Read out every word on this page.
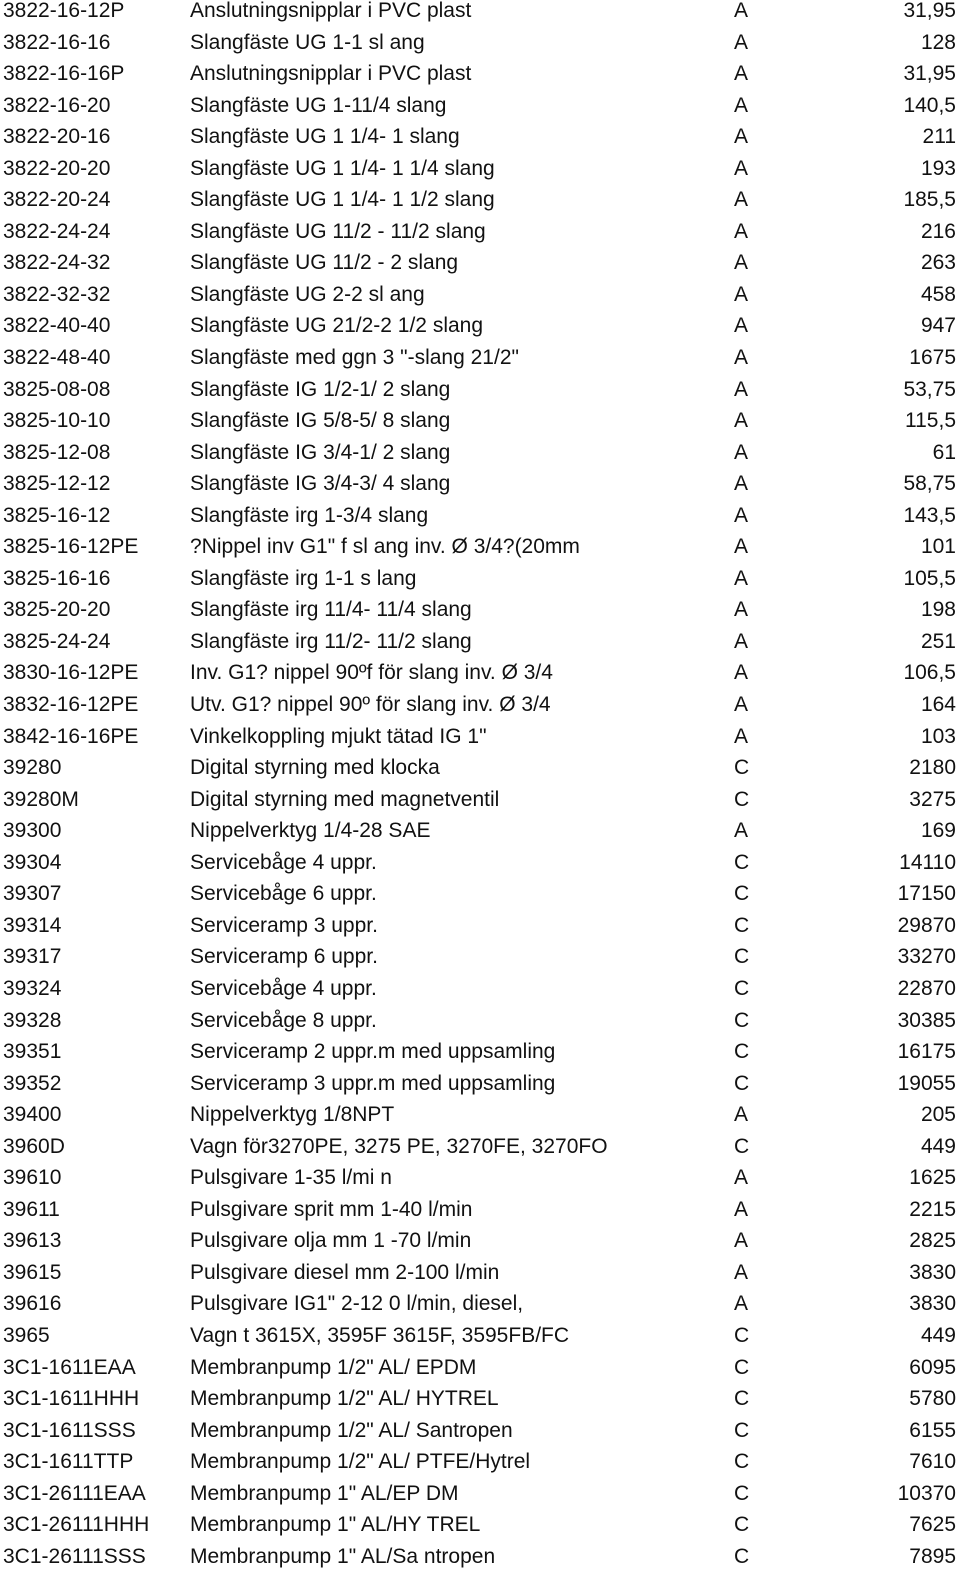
3822-16-12P	Anslutningsnipplar i PVC plast	A	31,95
3822-16-16	Slangfäste UG 1-1 sl ang	A	128
3822-16-16P	Anslutningsnipplar i PVC plast	A	31,95
3822-16-20	Slangfäste UG 1-11/4 slang	A	140,5
3822-20-16	Slangfäste UG 1 1/4- 1 slang	A	211
3822-20-20	Slangfäste UG 1 1/4- 1 1/4 slang	A	193
3822-20-24	Slangfäste UG 1 1/4- 1 1/2 slang	A	185,5
3822-24-24	Slangfäste UG 11/2 - 11/2 slang	A	216
3822-24-32	Slangfäste UG 11/2 - 2 slang	A	263
3822-32-32	Slangfäste UG 2-2 sl ang	A	458
3822-40-40	Slangfäste UG 21/2-2 1/2 slang	A	947
3822-48-40	Slangfäste med ggn 3 "-slang 21/2"	A	1675
3825-08-08	Slangfäste IG 1/2-1/ 2 slang	A	53,75
3825-10-10	Slangfäste IG 5/8-5/ 8 slang	A	115,5
3825-12-08	Slangfäste IG 3/4-1/ 2 slang	A	61
3825-12-12	Slangfäste IG 3/4-3/ 4 slang	A	58,75
3825-16-12	Slangfäste irg 1-3/4 slang	A	143,5
3825-16-12PE ?Nippel inv G1" f sl ang inv. Ø 3/4?(20mm	A	101
3825-16-16	Slangfäste irg 1-1 s lang	A	105,5
3825-20-20	Slangfäste irg 11/4- 11/4 slang	A	198
3825-24-24	Slangfäste irg 11/2- 11/2 slang	A	251
3830-16-12PE Inv. G1? nippel 90ºf för slang inv. Ø 3/4	A	106,5
3832-16-12PE Utv. G1? nippel 90º för slang inv. Ø 3/4	A	164
3842-16-16PE Vinkelkoppling mjukt tätad IG 1"	A	103
39280	Digital styrning med klocka	C	2180
39280M	Digital styrning med magnetventil	C	3275
39300	Nippelverktyg 1/4-28 SAE	A	169
39304	Servicebåge 4 uppr.	C	14110
39307	Servicebåge 6 uppr.	C	17150
39314	Serviceramp 3 uppr.	C	29870
39317	Serviceramp 6 uppr.	C	33270
39324	Servicebåge 4 uppr.	C	22870
39328	Servicebåge 8 uppr.	C	30385
39351	Serviceramp 2 uppr.m med uppsamling	C	16175
39352	Serviceramp 3 uppr.m med uppsamling	C	19055
39400	Nippelverktyg 1/8NPT	A	205
3960D	Vagn för3270PE, 3275 PE, 3270FE, 3270FO	C	449
39610	Pulsgivare 1-35 l/mi n	A	1625
39611	Pulsgivare sprit mm 1-40 l/min	A	2215
39613	Pulsgivare olja mm 1 -70 l/min	A	2825
39615	Pulsgivare diesel mm 2-100 l/min	A	3830
39616	Pulsgivare IG1" 2-12 0 l/min, diesel,	A	3830
3965	Vagn t 3615X, 3595F 3615F, 3595FB/FC	C	449
3C1-1611EAA	Membranpump 1/2" AL/ EPDM	C	6095
3C1-1611HHH Membranpump 1/2" AL/ HYTREL	C	5780
3C1-1611SSS	Membranpump 1/2" AL/ Santropen	C	6155
3C1-1611TTP	Membranpump 1/2" AL/ PTFE/Hytrel	C	7610
3C1-26111EAA Membranpump 1" AL/EP DM	C	10370
3C1-26111HHH Membranpump 1" AL/HY TREL	C	7625
3C1-26111SSS Membranpump 1" AL/Sa ntropen	C	7895
